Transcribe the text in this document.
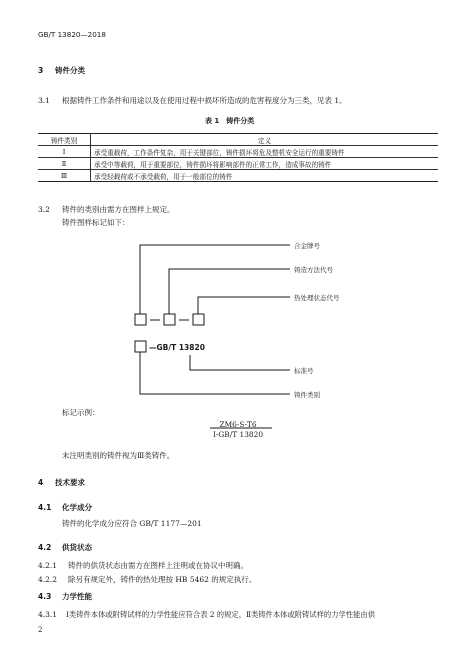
GB/T 13820—2018
3 铸件分类
3.1 根据铸件工作条件和用途以及在使用过程中损坏所造成的危害程度分为三类，见表 1。
表 1　铸件分类
铸件类别	定义
Ⅰ	承受重载荷，工作条件复杂，用于关键部位，铸件损坏将危及整机安全运行的重要铸件
Ⅱ	承受中等载荷，用于重要部位，铸件损坏将影响部件的正常工作，造成事故的铸件
Ⅲ	承受轻载荷或不承受载荷，用于一般部位的铸件
3.2 铸件的类别由需方在图样上规定。
铸件图样标记如下：
合金牌号
铸造方法代号
热处理状态代号
标准号
铸件类别
—GB/T 13820
标记示例：
ZM6-S-T6
Ⅰ-GB/T 13820
未注明类别的铸件视为Ⅲ类铸件。
4 技术要求
4.1 化学成分
铸件的化学成分应符合 GB/T 1177—201
4.2 供货状态
4.2.1 铸件的供货状态由需方在图样上注明或在协议中明确。
4.2.2 除另有规定外，铸件的热处理按 HB 5462 的规定执行。
4.3 力学性能
4.3.1 Ⅰ类铸件本体或附铸试样的力学性能应符合表 2 的规定，Ⅱ类铸件本体或附铸试样的力学性能由供
2
